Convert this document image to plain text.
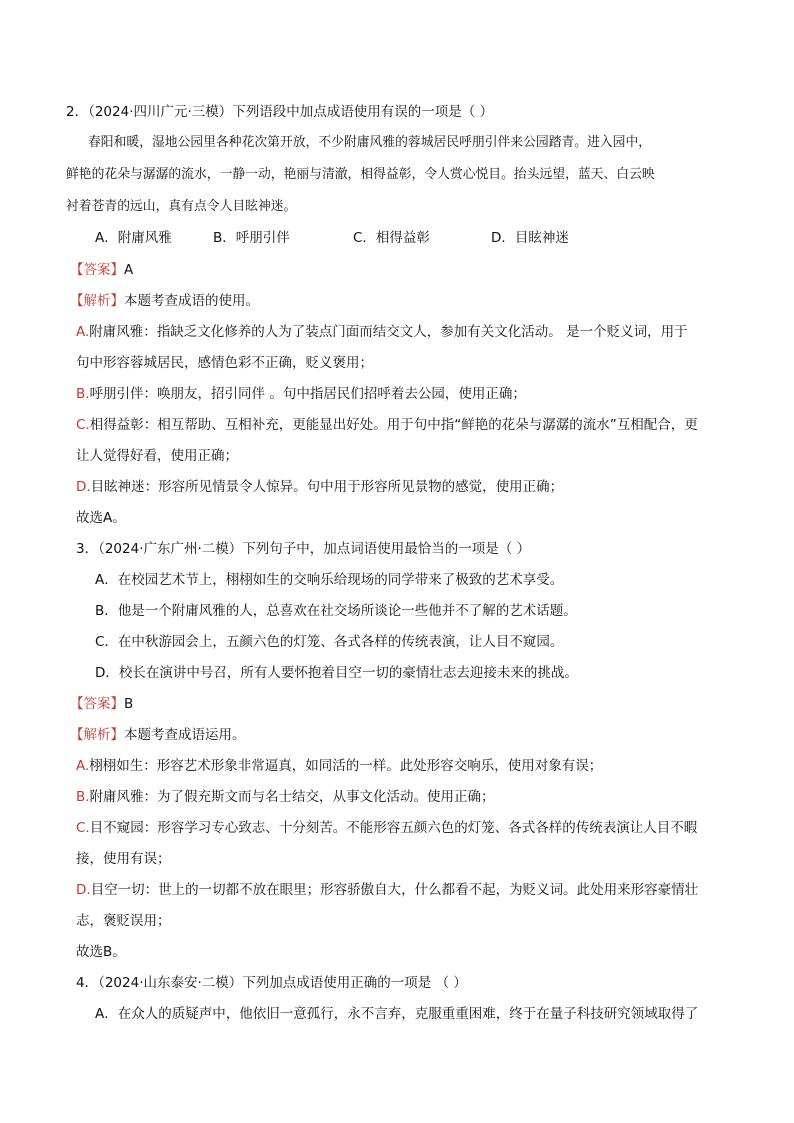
2．（2024·四川广元·三模）下列语段中加点成语使用有误的一项是（ ）
春阳和暖，湿地公园里各种花次第开放，不少附庸风雅的蓉城居民呼朋引伴来公园踏青。进入园中，
鲜艳的花朵与潺潺的流水，一静一动，艳丽与清澈，相得益彰，令人赏心悦目。抬头远望，蓝天、白云映
衬着苍青的远山，真有点令人目眩神迷。
A．附庸风雅	B．呼朋引伴	C．相得益彰	D．目眩神迷
【答案】A
【解析】本题考查成语的使用。
A.附庸风雅：指缺乏文化修养的人为了装点门面而结交文人，参加有关文化活动。 是一个贬义词，用于
句中形容蓉城居民，感情色彩不正确，贬义褒用；
B.呼朋引伴：唤朋友，招引同伴 。句中指居民们招呼着去公园，使用正确；
C.相得益彰：相互帮助、互相补充，更能显出好处。用于句中指“鲜艳的花朵与潺潺的流水”互相配合，更
让人觉得好看，使用正确；
D.目眩神迷：形容所见情景令人惊异。句中用于形容所见景物的感觉，使用正确；
故选A。
3．（2024·广东广州·二模）下列句子中，加点词语使用最恰当的一项是（ ）
A．在校园艺术节上，栩栩如生的交响乐给现场的同学带来了极致的艺术享受。
B．他是一个附庸风雅的人，总喜欢在社交场所谈论一些他并不了解的艺术话题。
C．在中秋游园会上，五颜六色的灯笼、各式各样的传统表演，让人目不窥园。
D．校长在演讲中号召，所有人要怀抱着目空一切的豪情壮志去迎接未来的挑战。
【答案】B
【解析】本题考查成语运用。
A.栩栩如生：形容艺术形象非常逼真，如同活的一样。此处形容交响乐，使用对象有误；
B.附庸风雅：为了假充斯文而与名士结交，从事文化活动。使用正确；
C.目不窥园：形容学习专心致志、十分刻苦。不能形容五颜六色的灯笼、各式各样的传统表演让人目不暇
接，使用有误；
D.目空一切：世上的一切都不放在眼里；形容骄傲自大，什么都看不起，为贬义词。此处用来形容豪情壮
志，褒贬误用；
故选B。
4．（2024·山东泰安·二模）下列加点成语使用正确的一项是 （ ）
A．在众人的质疑声中，他依旧一意孤行，永不言弃，克服重重困难，终于在量子科技研究领域取得了
